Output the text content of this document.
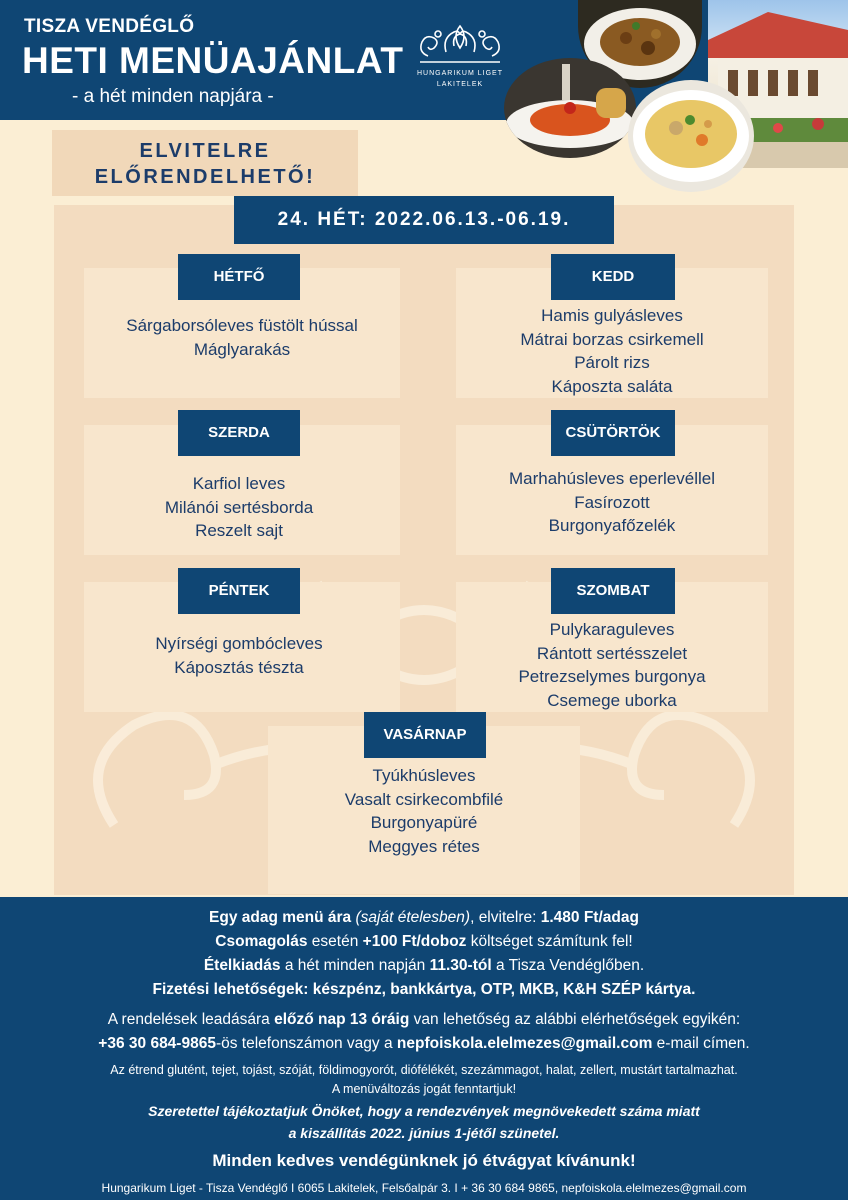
TISZA VENDÉGLŐ
HETI MENÜAJÁNLAT
- a hét minden napjára -
HUNGARIKUM LIGET
LAKITELEK
ELVITELRE
ELŐRENDELHETŐ!
24. HÉT: 2022.06.13.-06.19.
HÉTFŐ
Sárgaborsóleves füstölt hússal
Máglyarakás
KEDD
Hamis gulyásleves
Mátrai borzas csirkemell
Párolt rizs
Káposzta saláta
SZERDA
Karfiol leves
Milánói sertésborda
Reszelt sajt
CSÜTÖRTÖK
Marhahúsleves eperlevéllel
Fasírozott
Burgonyafőzelék
PÉNTEK
Nyírségi gombócleves
Káposztás tészta
SZOMBAT
Pulykaraguleves
Rántott sertésszelet
Petrezselymes burgonya
Csemege uborka
VASÁRNAP
Tyúkhúsleves
Vasalt csirkecombfilé
Burgonyapüré
Meggyes rétes
Egy adag menü ára (saját ételesben), elvitelre: 1.480 Ft/adag
Csomagolás esetén +100 Ft/doboz költséget számítunk fel!
Ételkiadás a hét minden napján 11.30-tól a Tisza Vendéglőben.
Fizetési lehetőségek: készpénz, bankkártya, OTP, MKB, K&H SZÉP kártya.
A rendelések leadására előző nap 13 óráig van lehetőség az alábbi elérhetőségek egyikén:
+36 30 684-9865-ös telefonszámon vagy a nepfoiskola.elelmezes@gmail.com e-mail címen.
Az étrend glutént, tejet, tojást, szóját, földimogyorót, diófélékét, szezámmagot, halat, zellert, mustárt tartalmazhat.
A menüváltozás jogát fenntartjuk!
Szeretettel tájékoztatjuk Önöket, hogy a rendezvények megnövekedett száma miatt
a kiszállítás 2022. június 1-jétől szünetel.
Minden kedves vendégünknek jó étvágyat kívánunk!
Hungarikum Liget - Tisza Vendéglő I 6065 Lakitelek, Felsőalpár 3. I + 36 30 684 9865, nepfoiskola.elelmezes@gmail.com
